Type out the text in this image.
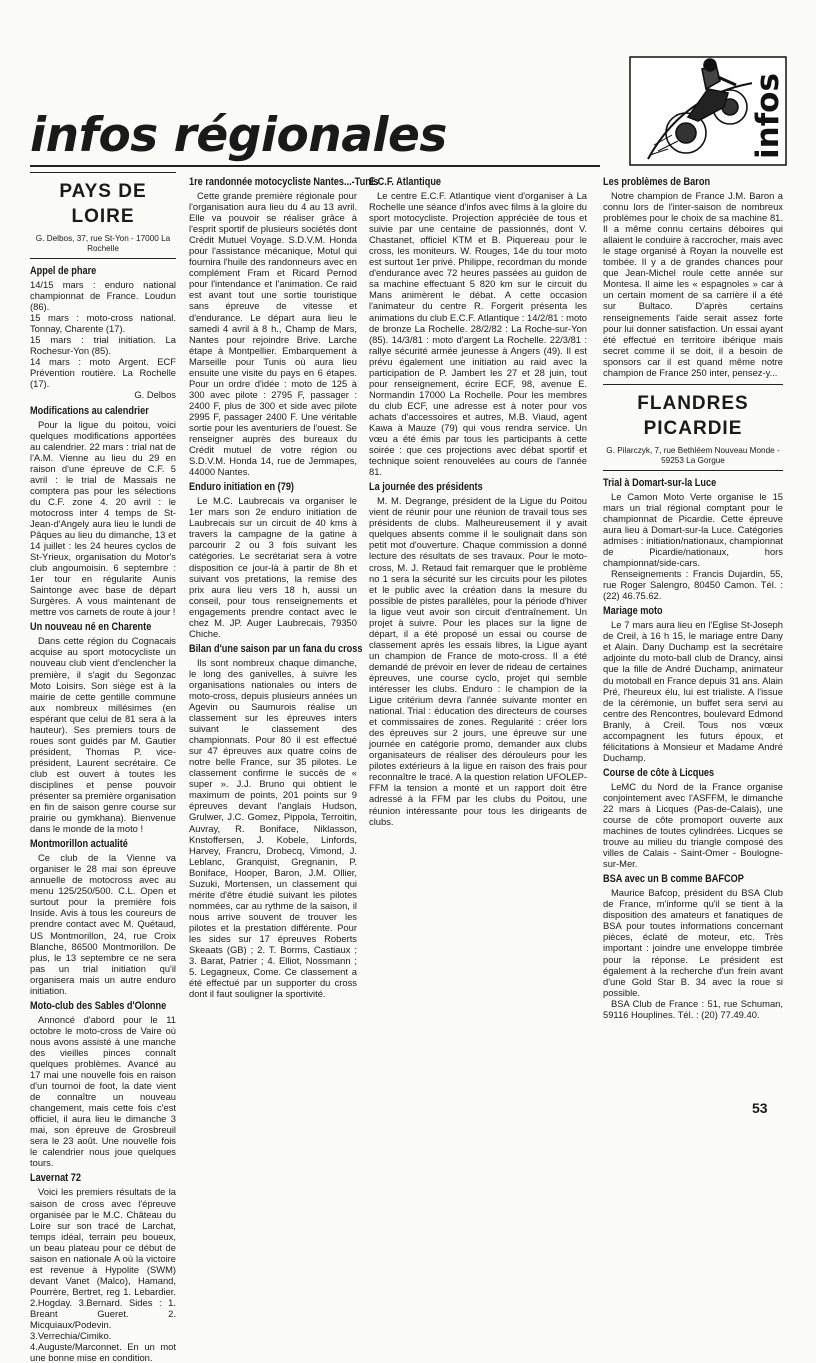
infos régionales	infos
PAYS DE LOIRE
G. Delbos, 37, rue St-Yon - 17000 La Rochelle
Appel de phare

14/15 mars : enduro national championnat de France. Loudun (86).

15 mars : moto-cross national. Tonnay, Charente (17).

15 mars : trial initiation. La Rochesur-Yon (85).

14 mars : moto Argent. ECF Prévention routière. La Rochelle (17).

G. Delbos

Modifications au calendrier

Pour la ligue du poitou, voici quelques modifications apportées au calendrier. 22 mars : trial nat de l'A.M. Vienne au lieu du 29 en raison d'une épreuve de C.F. 5 avril : le trial de Massais ne comptera pas pour les sélections du C.F. zone 4. 20 avril : le motocross inter 4 temps de St-Jean-d'Angely aura lieu le lundi de Pâques au lieu du dimanche, 13 et 14 juillet : les 24 heures cyclos de St-Yrieux, organisation du Motor's club angoumoisin. 6 septembre : 1er tour en régularite Aunis Saintonge avec base de départ Surgères. A vous maintenant de mettre vos carnets de route à jour !

Un nouveau né en Charente

Dans cette région du Cognacais acquise au sport motocycliste un nouveau club vient d'enclencher la première, il s'agit du Segonzac Moto Loisirs. Son siège est à la mairie de cette gentille commune aux nombreux millésimes (en espérant que celui de 81 sera à la hauteur). Ses premiers tours de roues sont guidés par M. Gautier président, Thomas P. vice-président, Laurent secrétaire. Ce club est ouvert à toutes les disciplines et pense pouvoir présenter sa première organisation en fin de saison genre course sur prairie ou gymkhana). Bienvenue dans le monde de la moto !

Montmorillon actualité

Ce club de la Vienne va organiser le 28 mai son épreuve annuelle de motocross avec au menu 125/250/500. C.L. Open et surtout pour la première fois Inside. Avis à tous les coureurs de prendre contact avec M. Quétaud, US Montmorillon, 24, rue Croix Blanche, 86500 Montmorillon. De plus, le 13 septembre ce ne sera pas un trial initiation qu'il organisera mais un autre enduro initiation.

Moto-club des Sables d'Olonne

Annoncé d'abord pour le 11 octobre le moto-cross de Vaire où nous avons assisté à une manche des vieilles pinces connaît quelques problèmes. Avancé au 17 mai une nouvelle fois en raison d'un tournoi de foot, la date vient de connaître un nouveau changement, mais cette fois c'est officiel, il aura lieu le dimanche 3 mai, son épreuve de Grosbreuil sera le 23 août. Une nouvelle fois le calendrier nous joue quelques tours.

Lavernat 72

Voici les premiers résultats de la saison de cross avec l'épreuve organisée par le M.C. Château du Loire sur son tracé de Larchat, temps idéal, terrain peu boueux, un beau plateau pour ce début de saison en nationale A où la victoire est revenue à Hypolite (SWM) devant Vanet (Malco), Hamand, Pourrère, Bertret, reg 1. Lebardier. 2.Hogday. 3.Bernard. Sides : 1. Breant Gueret. 2. Micquiaux/Podevin. 3.Verrechia/Cimiko. 4.Auguste/Marconnet. En un mot une bonne mise en condition.

1re randonnée motocycliste Nantes...-Tunis

Cette grande première régionale pour l'organisation aura lieu du 4 au 13 avril. Elle va pouvoir se réaliser grâce à l'esprit sportif de plusieurs sociétés dont Crédit Mutuel Voyage. S.D.V.M. Honda pour l'assistance mécanique, Motul qui fournira l'huile des randonneurs avec en complément Fram et Ricard Pernod pour l'intendance et l'animation. Ce raid est avant tout une sortie touristique sans épreuve de vitesse et d'endurance. Le départ aura lieu le samedi 4 avril à 8 h., Champ de Mars, Nantes pour rejoindre Brive. Larche étape à Montpellier. Embarquement à Marseille pour Tunis où aura lieu ensuite une visite du pays en 6 étapes. Pour un ordre d'idée : moto de 125 à 300 avec pilote : 2795 F, passager : 2400 F, plus de 300 et side avec pilote 2995 F, passager 2400 F. Une véritable sortie pour les aventuriers de l'ouest. Se renseigner auprès des bureaux du Crédit mutuel de votre région ou S.D.V.M. Honda 14, rue de Jemmapes, 44000 Nantes.

Enduro initiation en (79)

Le M.C. Laubrecais va organiser le 1er mars son 2e enduro initiation de Laubrecais sur un circuit de 40 kms à travers la campagne de la gatine à parcourir 2 ou 3 fois suivant les catégories. Le secrétariat sera à votre disposition ce jour-là à partir de 8h et suivant vos pretations, la remise des prix aura lieu vers 18 h, aussi un conseil, pour tous renseignements et engagements prendre contact avec le chez M. JP. Auger Laubrecais, 79350 Chiche.

Bilan d'une saison par un fana du cross

Ils sont nombreux chaque dimanche, le long des ganivelles, à suivre les organisations nationales ou inters de moto-cross, depuis plusieurs années un Agevin ou Saumurois réalise un classement sur les épreuves inters suivant le classement des championnats. Pour 80 il est effectué sur 47 épreuves aux quatre coins de notre belle France, sur 35 pilotes. Le classement confirme le succès de « super ». J.J. Bruno qui obtient le maximum de points, 201 points sur 9 épreuves devant l'anglais Hudson, Grulwer, J.C. Gomez, Pippola, Terroitin, Auvray, R. Boniface, Niklasson, Knstoffersen, J. Kobele, Linfords, Harvey, Francru, Drobecq, Vimond, J. Leblanc, Granquist, Gregnanin, P. Boniface, Hooper, Baron, J.M. Ollier, Suzuki, Mortensen, un classement qui mérite d'être étudié suivant les pilotes nommées, car au rythme de la saison, il nous arrive souvent de trouver les pilotes et la prestation différente. Pour les sides sur 17 épreuves Roberts Skeaats (GB) ; 2. T. Borms, Castiaux ; 3. Barat, Patrier ; 4. Elliot, Nossmann ; 5. Legagneux, Come. Ce classement a été effectué par un supporter du cross dont il faut souligner la sportivité.

E.C.F. Atlantique

Le centre E.C.F. Atlantique vient d'organiser à La Rochelle une séance d'infos avec films à la gloire du sport motocycliste. Projection appréciée de tous et suivie par une centaine de passionnés, dont V. Chastanet, officiel KTM et B. Piquereau pour le cross, les moniteurs. W. Rouges, 14e du tour moto est surtout 1er privé. Philippe, recordman du monde d'endurance avec 72 heures passées au guidon de sa machine effectuant 5 820 km sur le circuit du Mans animèrent le débat. A cette occasion l'animateur du centre R. Forgerit présenta les animations du club E.C.F. Atlantique : 14/2/81 : moto de bronze La Rochelle. 28/2/82 : La Roche-sur-Yon (85). 14/3/81 : moto d'argent La Rochelle. 22/3/81 : rallye sécurité armée jeunesse à Angers (49). Il est prévu également une initiation au raid avec la participation de P. Jambert les 27 et 28 juin, tout pour renseignement, écrire ECF, 98, avenue E. Normandin 17000 La Rochelle. Pour les membres du club ECF, une adresse est à noter pour vos achats d'accessoires et autres, M.B. Viaud, agent Kawa à Mauze (79) qui vous rendra service. Un vœu a été émis par tous les participants à cette soirée : que ces projections avec débat sportif et technique soient renouvelées au cours de l'année 81.

La journée des présidents

M. M. Degrange, président de la Ligue du Poitou vient de réunir pour une réunion de travail tous ses présidents de clubs. Malheureusement il y avait quelques absents comme il le soulignait dans son petit mot d'ouverture. Chaque commission a donné lecture des résultats de ses travaux. Pour le moto-cross, M. J. Retaud fait remarquer que le problème no 1 sera la sécurité sur les circuits pour les pilotes et le public avec la création dans la mesure du possible de pistes parallèles, pour la période d'hiver la ligue veut avoir son circuit d'entraînement. Un projet à suivre. Pour les places sur la ligne de départ, il a été proposé un essai ou course de classement après les essais libres, la Ligue ayant un champion de France de moto-cross. Il a été demandé de prévoir en lever de rideau de certaines épreuves, une course cyclo, projet qui semble intéresser les clubs. Enduro : le champion de la Ligue critérium devra l'année suivante monter en national. Trial : éducation des directeurs de courses et commissaires de zones. Regularité : créer lors des épreuves sur 2 jours, une épreuve sur une journée en catégorie promo, demander aux clubs organisateurs de réaliser des dérouleurs pour les pilotes extérieurs à la ligue en raison des frais pour reconnaître le tracé. A la question relation UFOLEP-FFM la tension a monté et un rapport doit être adressé à la FFM par les clubs du Poitou, une réunion intéressante pour tous les dirigeants de clubs.

Les problèmes de Baron

Notre champion de France J.M. Baron a connu lors de l'inter-saison de nombreux problèmes pour le choix de sa machine 81. Il a même connu certains déboires qui allaient le conduire à raccrocher, mais avec le stage organisé à Royan la nouvelle est tombée. Il y a de grandes chances pour que Jean-Michel roule cette année sur Montesa. Il aime les « espagnoles » car à un certain moment de sa carrière il a été sur Bultaco. D'après certains renseignements l'aide serait assez forte pour lui donner satisfaction. Un essai ayant été effectué en territoire ibérique mais secret comme il se doit, il a besoin de sponsors car il est quand même notre champion de France 250 inter, pensez-y...

FLANDRES PICARDIE
G. Pilarczyk, 7, rue Bethléem Nouveau Monde - 59253 La Gorgue
Trial à Domart-sur-la Luce

Le Camon Moto Verte organise le 15 mars un trial régional comptant pour le championnat de Picardie. Cette épreuve aura lieu à Domart-sur-la Luce. Catégories admises : initiation/nationaux, championnat de Picardie/nationaux, hors championnat/side-cars.

Renseignements : Francis Dujardin, 55, rue Roger Salengro, 80450 Camon. Tél. : (22) 46.75.62.

Mariage moto

Le 7 mars aura lieu en l'Eglise St-Joseph de Creil, à 16 h 15, le mariage entre Dany et Alain. Dany Duchamp est la secrétaire adjointe du moto-ball club de Drancy, ainsi que la fille de André Duchamp, animateur du motoball en France depuis 31 ans. Alain Pré, l'heureux élu, lui est trialiste. A l'issue de la cérémonie, un buffet sera servi au centre des Rencontres, boulevard Edmond Branly, à Creil. Tous nos vœux accompagnent les futurs époux, et félicitations à Monsieur et Madame André Duchamp.

Course de côte à Licques

LeMC du Nord de la France organise conjointement avec l'ASFFM, le dimanche 22 mars à Licques (Pas-de-Calais), une course de côte promoport ouverte aux machines de toutes cylindrées. Licques se trouve au milieu du triangle composé des villes de Calais - Saint-Omer - Boulogne-sur-Mer.

BSA avec un B comme BAFCOP

Maurice Bafcop, président du BSA Club de France, m'informe qu'il se tient à la disposition des amateurs et fanatiques de BSA pour toutes informations concernant pièces, éclaté de moteur, etc. Très important : joindre une enveloppe timbrée pour la réponse. Le président est également à la recherche d'un frein avant d'une Gold Star B. 34 avec la roue si possible.

BSA Club de France : 51, rue Schuman, 59116 Houplines. Tél. : (20) 77.49.40.

53
